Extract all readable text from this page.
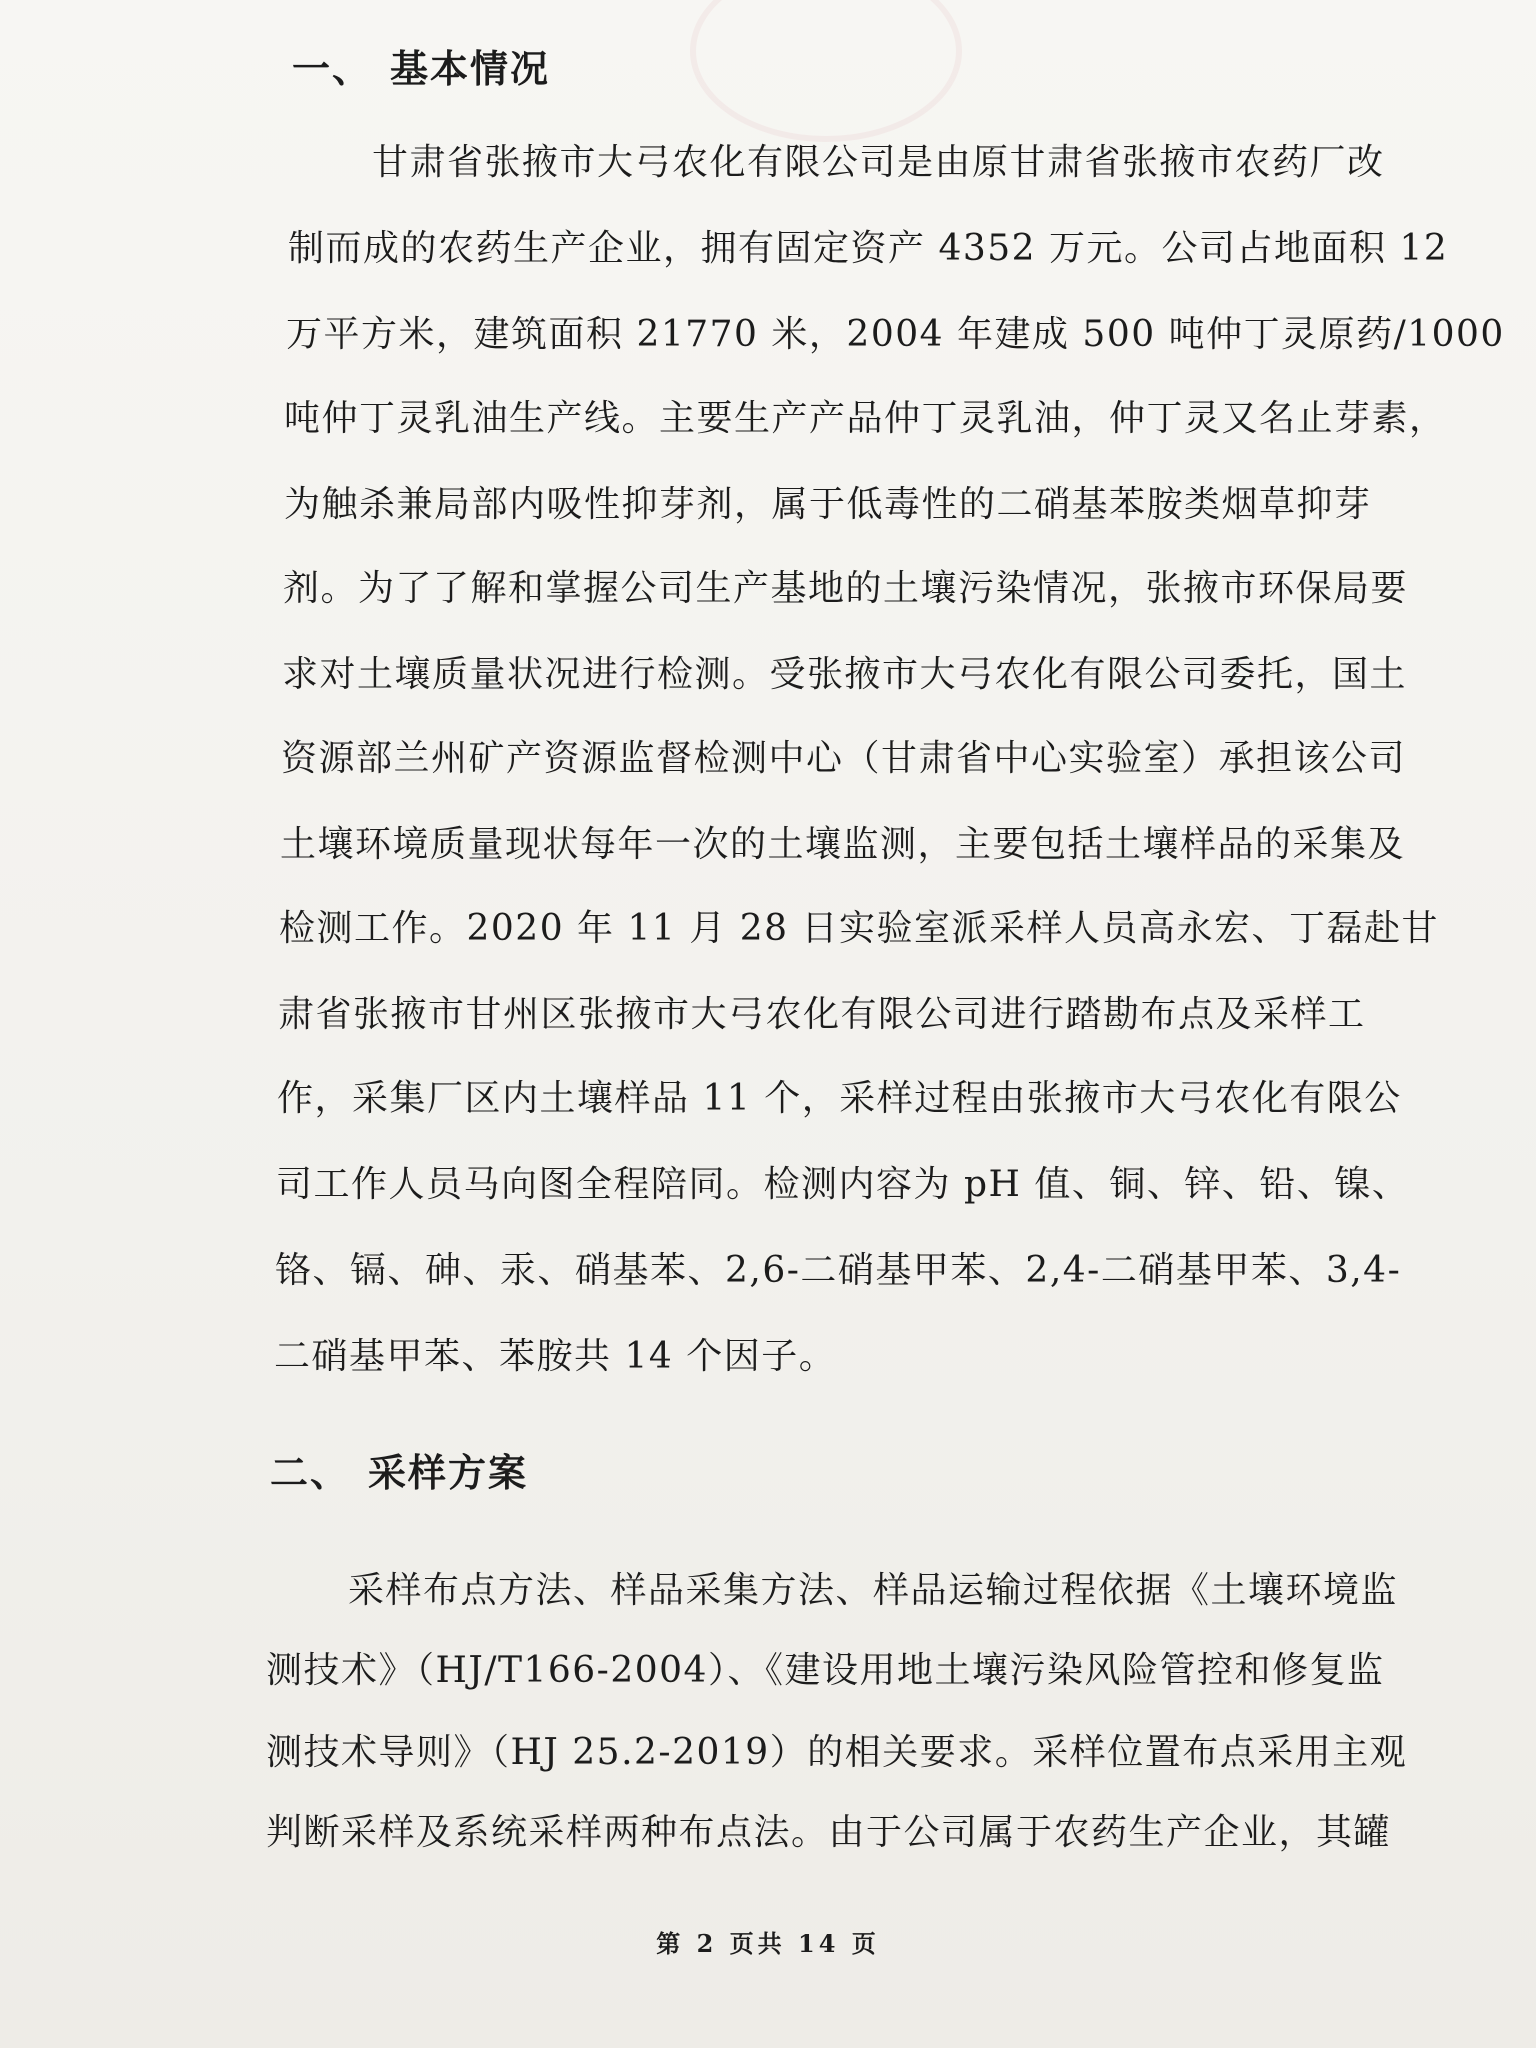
一、 基本情况
甘肃省张掖市大弓农化有限公司是由原甘肃省张掖市农药厂改
制而成的农药生产企业，拥有固定资产 4352 万元。公司占地面积 12
万平方米，建筑面积 21770 米，2004 年建成 500 吨仲丁灵原药/1000
吨仲丁灵乳油生产线。主要生产产品仲丁灵乳油，仲丁灵又名止芽素，
为触杀兼局部内吸性抑芽剂，属于低毒性的二硝基苯胺类烟草抑芽
剂。为了了解和掌握公司生产基地的土壤污染情况，张掖市环保局要
求对土壤质量状况进行检测。受张掖市大弓农化有限公司委托，国土
资源部兰州矿产资源监督检测中心（甘肃省中心实验室）承担该公司
土壤环境质量现状每年一次的土壤监测，主要包括土壤样品的采集及
检测工作。2020 年 11 月 28 日实验室派采样人员高永宏、丁磊赴甘
肃省张掖市甘州区张掖市大弓农化有限公司进行踏勘布点及采样工
作，采集厂区内土壤样品 11 个，采样过程由张掖市大弓农化有限公
司工作人员马向图全程陪同。检测内容为 pH 值、铜、锌、铅、镍、
铬、镉、砷、汞、硝基苯、2,6-二硝基甲苯、2,4-二硝基甲苯、3,4-
二硝基甲苯、苯胺共 14 个因子。
二、 采样方案
采样布点方法、样品采集方法、样品运输过程依据《土壤环境监
测技术》（HJ/T166-2004）、《建设用地土壤污染风险管控和修复监
测技术导则》（HJ 25.2-2019）的相关要求。采样位置布点采用主观
判断采样及系统采样两种布点法。由于公司属于农药生产企业，其罐
第 2 页共 14 页
